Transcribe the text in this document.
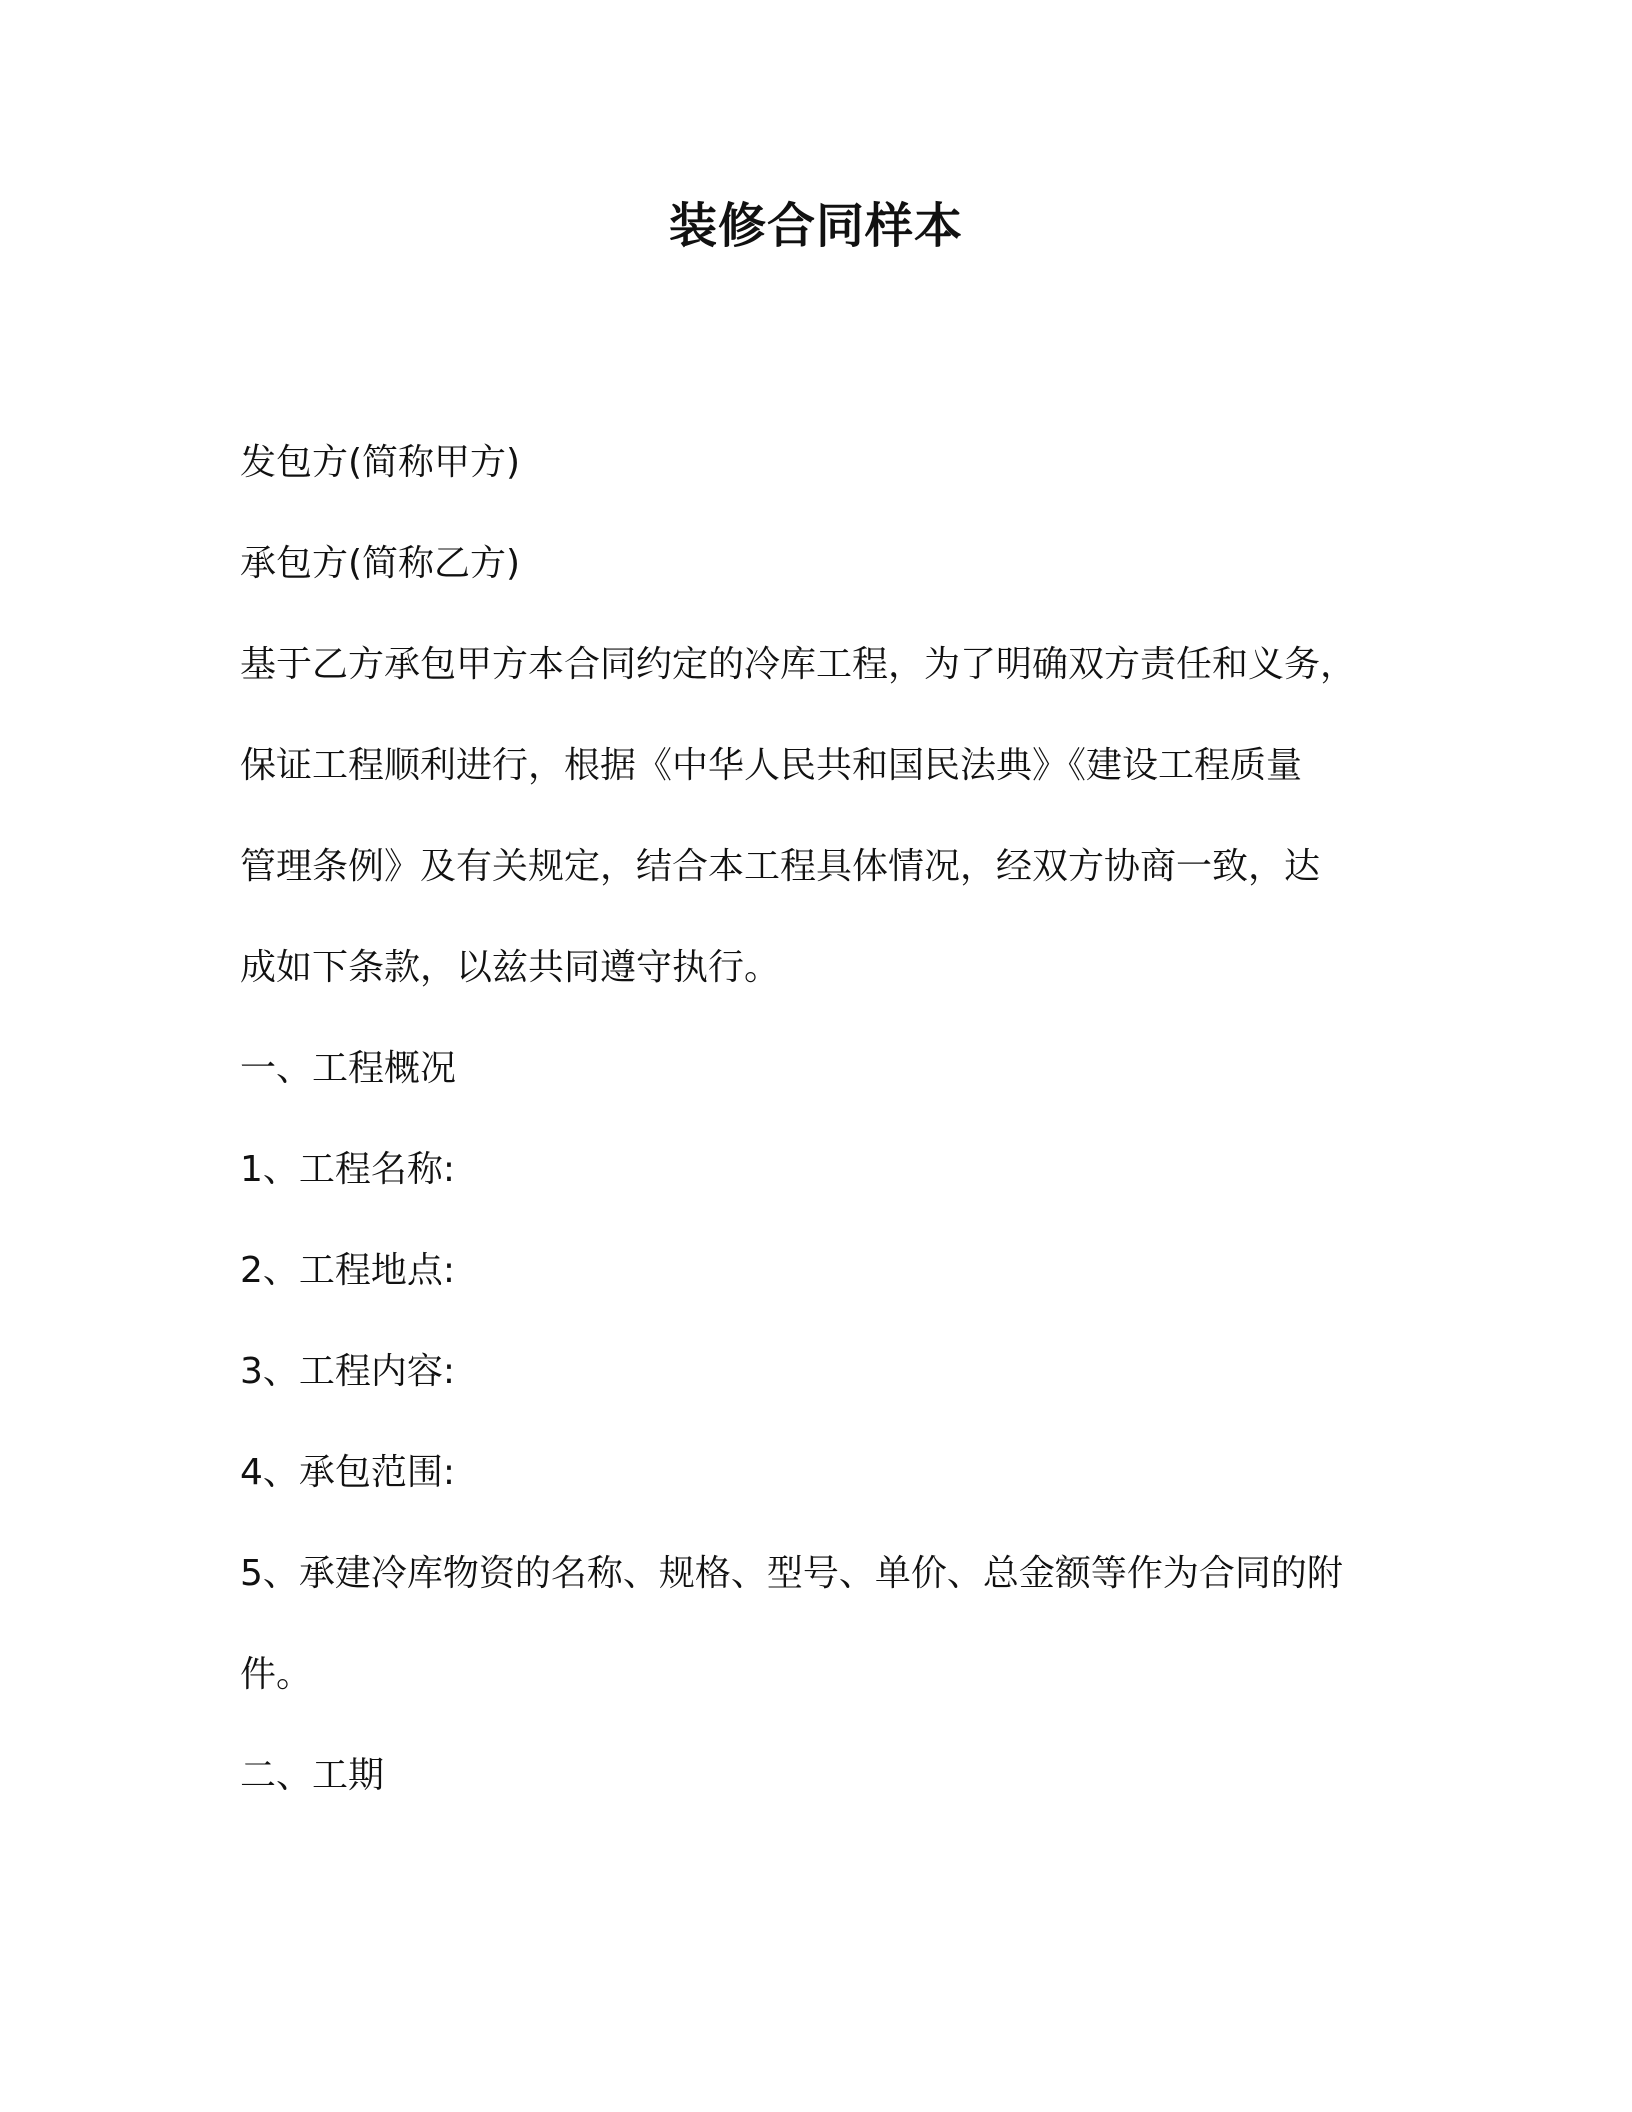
装修合同样本
发包方(简称甲方)
承包方(简称乙方)
基于乙方承包甲方本合同约定的冷库工程，为了明确双方责任和义务，
保证工程顺利进行，根据《中华人民共和国民法典》《建设工程质量
管理条例》及有关规定，结合本工程具体情况，经双方协商一致，达
成如下条款，以兹共同遵守执行。
一、工程概况
1、工程名称:
2、工程地点:
3、工程内容:
4、承包范围:
5、承建冷库物资的名称、规格、型号、单价、总金额等作为合同的附
件。
二、工期
